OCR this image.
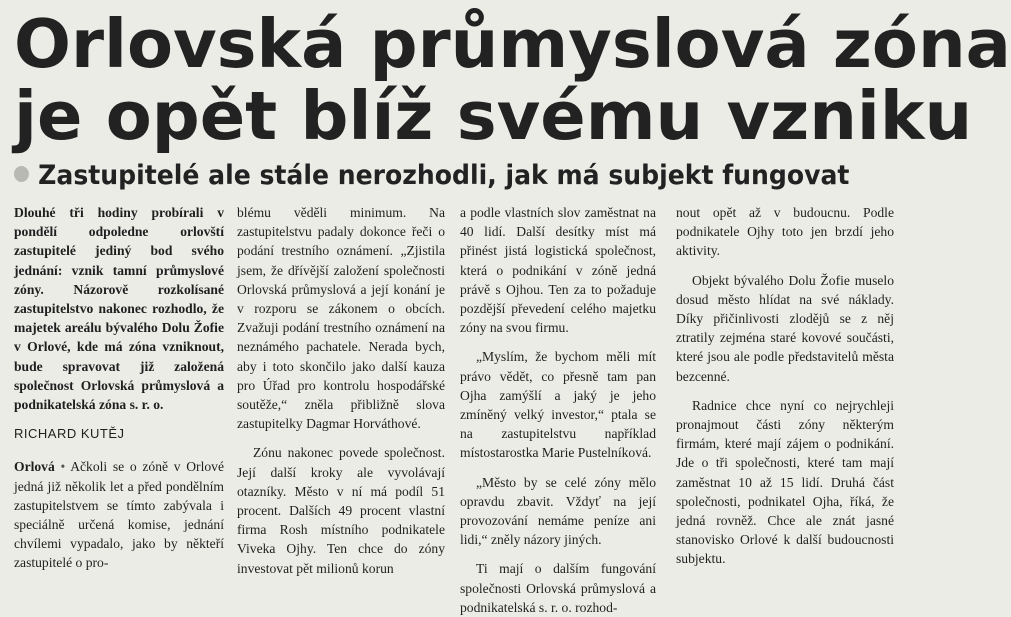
Orlovská průmyslová zóna
je opět blíž svému vzniku
Zastupitelé ale stále nerozhodli, jak má subjekt fungovat

Dlouhé tři hodiny probírali v pondělí odpoledne orlovští zastupitelé jediný bod svého jednání: vznik tamní průmyslové zóny. Názorově rozkolísané zastupitelstvo nakonec rozhodlo, že majetek areálu bývalého Dolu Žofie v Orlové, kde má zóna vzniknout, bude spravovat již založená společnost Orlovská průmyslová a podnikatelská zóna s. r. o.

RICHARD KUTĚJ

Orlová • Ačkoli se o zóně v Orlové jedná již několik let a před pondělním zastupitelstvem se tímto zabývala i speciálně určená komise, jednání chvílemi vypadalo, jako by někteří zastupitelé o pro-

blému věděli minimum. Na zastupitelstvu padaly dokonce řeči o podání trestního oznámení. „Zjistila jsem, že dřívější založení společnosti Orlovská průmyslová a její konání je v rozporu se zákonem o obcích. Zvažuji podání trestního oznámení na neznámého pachatele. Nerada bych, aby i toto skončilo jako další kauza pro Úřad pro kontrolu hospodářské soutěže,“ zněla přibližně slova zastupitelky Dagmar Horváthové.

Zónu nakonec povede společnost. Její další kroky ale vyvolávají otazníky. Město v ní má podíl 51 procent. Dalších 49 procent vlastní firma Rosh místního podnikatele Viveka Ojhy. Ten chce do zóny investovat pět milionů korun

a podle vlastních slov zaměstnat na 40 lidí. Další desítky míst má přinést jistá logistická společnost, která o podnikání v zóně jedná právě s Ojhou. Ten za to požaduje pozdější převedení celého majetku zóny na svou firmu.

„Myslím, že bychom měli mít právo vědět, co přesně tam pan Ojha zamýšlí a jaký je jeho zmíněný velký investor,“ ptala se na zastupitelstvu například místostarostka Marie Pustelníková.

„Město by se celé zóny mělo opravdu zbavit. Vždyť na její provozování nemáme peníze ani lidi,“ zněly názory jiných.

Ti mají o dalším fungování společnosti Orlovská průmyslová a podnikatelská s. r. o. rozhod-

nout opět až v budoucnu. Podle podnikatele Ojhy toto jen brzdí jeho aktivity.

Objekt bývalého Dolu Žofie muselo dosud město hlídat na své náklady. Díky přičinlivosti zlodějů se z něj ztratily zejména staré kovové součásti, které jsou ale podle představitelů města bezcenné.

Radnice chce nyní co nejrychleji pronajmout části zóny některým firmám, které mají zájem o podnikání. Jde o tři společnosti, které tam mají zaměstnat 10 až 15 lidí. Druhá část společnosti, podnikatel Ojha, říká, že jedná rovněž. Chce ale znát jasné stanovisko Orlové k další budoucnosti subjektu.
